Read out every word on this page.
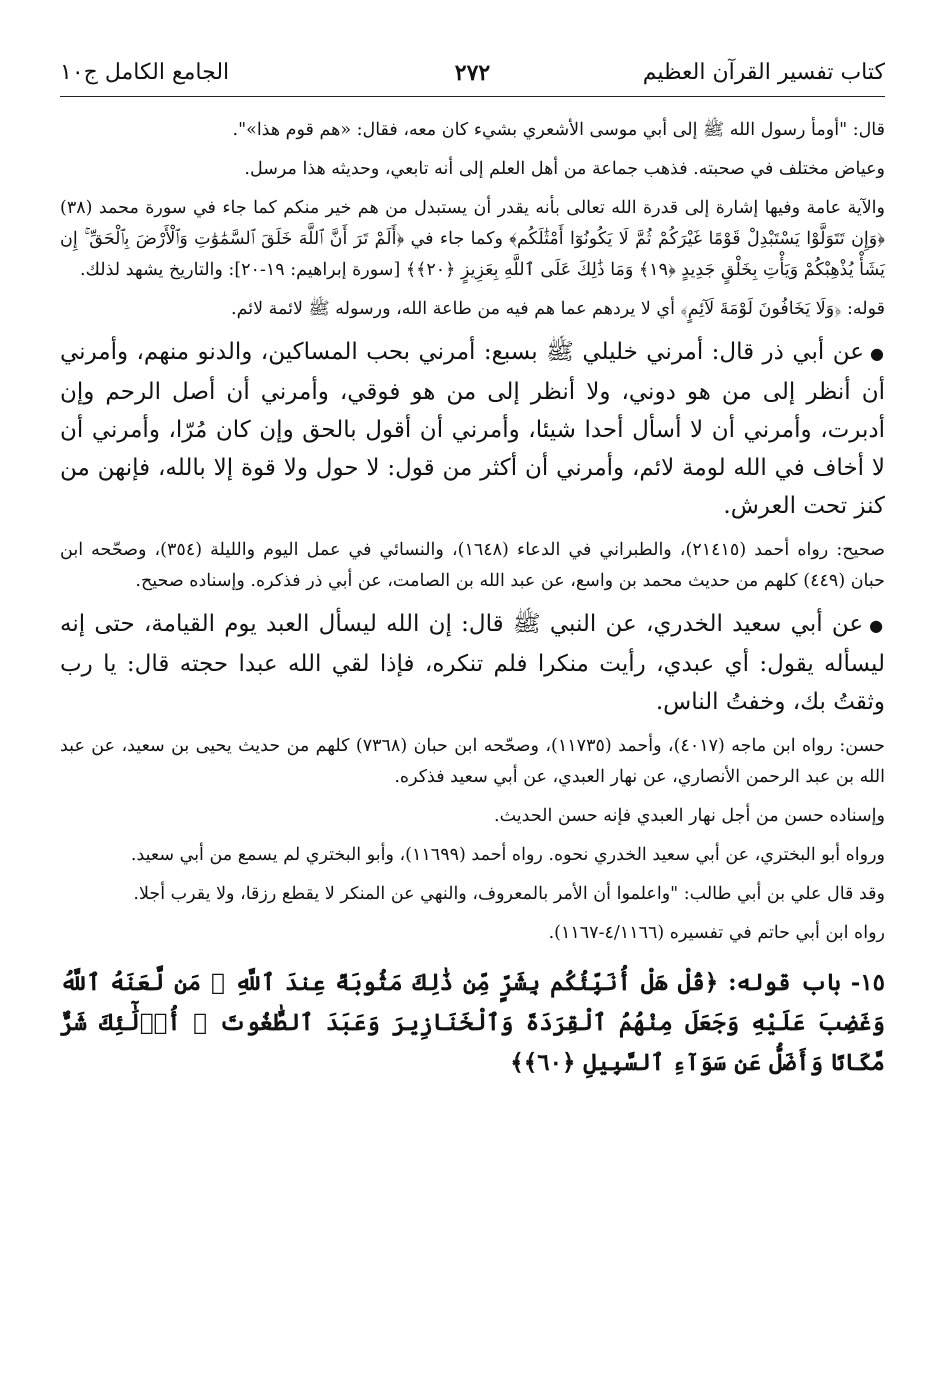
كتاب تفسير القرآن العظيم
٢٧٢
الجامع الكامل ج١٠

قال: "أومأ رسول الله ﷺ إلى أبي موسى الأشعري بشيء كان معه، فقال: «هم قوم هذا»".

وعياض مختلف في صحبته. فذهب جماعة من أهل العلم إلى أنه تابعي، وحديثه هذا مرسل.

والآية عامة وفيها إشارة إلى قدرة الله تعالى بأنه يقدر أن يستبدل من هم خير منكم كما جاء في سورة محمد (٣٨) ﴿وَإِن تَتَوَلَّوْا يَسْتَبْدِلْ قَوْمًا غَيْرَكُمْ ثُمَّ لَا يَكُونُوٓا أَمْثَٰلَكُم﴾ وكما جاء في ﴿أَلَمْ تَرَ أَنَّ ٱللَّهَ خَلَقَ ٱلسَّمَٰوَٰتِ وَٱلْأَرْضَ بِٱلْحَقِّ ۚ إِن يَشَأْ يُذْهِبْكُمْ وَيَأْتِ بِخَلْقٍ جَدِيدٍ ﴿١٩﴾ وَمَا ذَٰلِكَ عَلَى ٱللَّهِ بِعَزِيزٍ ﴿٢٠﴾﴾ [سورة إبراهيم: ١٩-٢٠]: والتاريخ يشهد لذلك.

قوله: ﴿وَلَا يَخَافُونَ لَوْمَةَ لَآئِمٍ﴾ أي لا يردهم عما هم فيه من طاعة الله، ورسوله ﷺ لائمة لائم.

●عن أبي ذر قال: أمرني خليلي ﷺ بسبع: أمرني بحب المساكين، والدنو منهم، وأمرني أن أنظر إلى من هو دوني، ولا أنظر إلى من هو فوقي، وأمرني أن أصل الرحم وإن أدبرت، وأمرني أن لا أسأل أحدا شيئا، وأمرني أن أقول بالحق وإن كان مُرّا، وأمرني أن لا أخاف في الله لومة لائم، وأمرني أن أكثر من قول: لا حول ولا قوة إلا بالله، فإنهن من كنز تحت العرش.

صحيح: رواه أحمد (٢١٤١٥)، والطبراني في الدعاء (١٦٤٨)، والنسائي في عمل اليوم والليلة (٣٥٤)، وصحّحه ابن حبان (٤٤٩) كلهم من حديث محمد بن واسع، عن عبد الله بن الصامت، عن أبي ذر فذكره. وإسناده صحيح.

●عن أبي سعيد الخدري، عن النبي ﷺ قال: إن الله ليسأل العبد يوم القيامة، حتى إنه ليسأله يقول: أي عبدي، رأيت منكرا فلم تنكره، فإذا لقي الله عبدا حجته قال: يا رب وثقتُ بك، وخفتُ الناس.

حسن: رواه ابن ماجه (٤٠١٧)، وأحمد (١١٧٣٥)، وصحّحه ابن حبان (٧٣٦٨) كلهم من حديث يحيى بن سعيد، عن عبد الله بن عبد الرحمن الأنصاري، عن نهار العبدي، عن أبي سعيد فذكره.

وإسناده حسن من أجل نهار العبدي فإنه حسن الحديث.

ورواه أبو البختري، عن أبي سعيد الخدري نحوه. رواه أحمد (١١٦٩٩)، وأبو البختري لم يسمع من أبي سعيد.

وقد قال علي بن أبي طالب: "واعلموا أن الأمر بالمعروف، والنهي عن المنكر لا يقطع رزقا، ولا يقرب أجلا.

رواه ابن أبي حاتم في تفسيره (٤/١١٦٦-١١٦٧).

١٥- باب قوله: ﴿قُلْ هَلْ أُنَبِّئُكُم بِشَرٍّ مِّن ذَٰلِكَ مَثُوبَةً عِندَ ٱللَّهِ ۚ مَن لَّعَنَهُ ٱللَّهُ وَغَضِبَ عَلَيْهِ وَجَعَلَ مِنْهُمُ ٱلْقِرَدَةَ وَٱلْخَنَازِيرَ وَعَبَدَ ٱلطَّٰغُوتَ ۚ أُو۟لَٰٓئِكَ شَرٌّ مَّكَانًا وَأَضَلُّ عَن سَوَآءِ ٱلسَّبِيلِ ﴿٦٠﴾﴾
